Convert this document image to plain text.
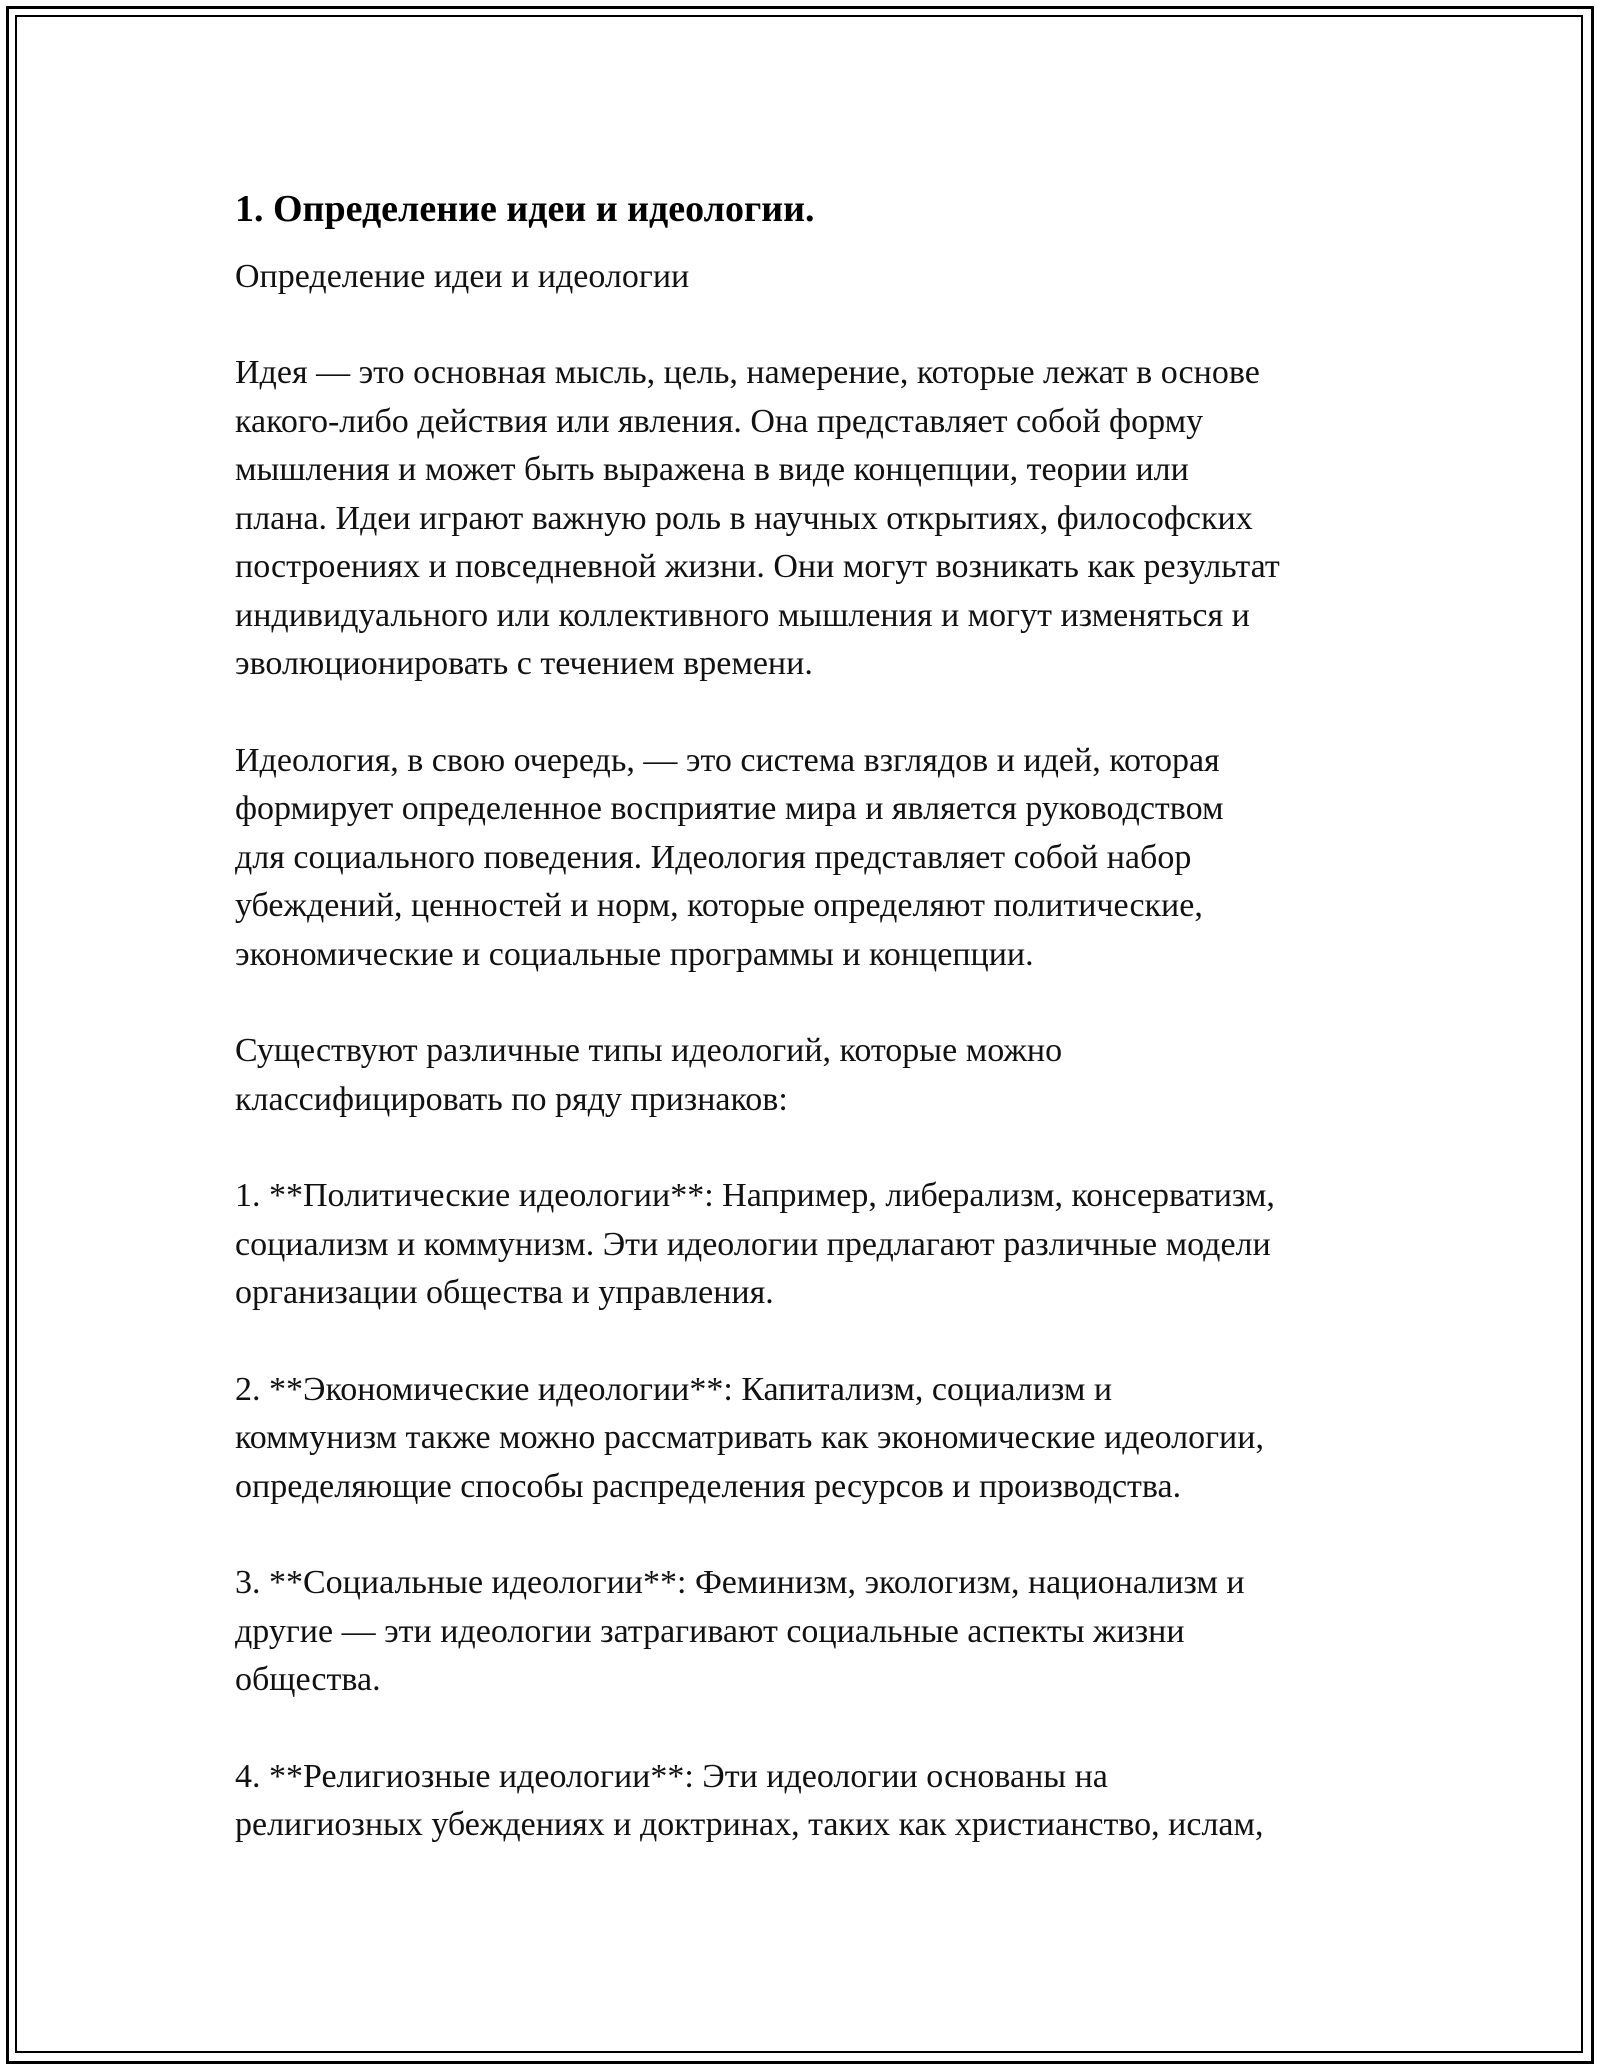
1. Определение идеи и идеологии.
Определение идеи и идеологии
Идея — это основная мысль, цель, намерение, которые лежат в основе
какого-либо действия или явления. Она представляет собой форму
мышления и может быть выражена в виде концепции, теории или
плана. Идеи играют важную роль в научных открытиях, философских
построениях и повседневной жизни. Они могут возникать как результат
индивидуального или коллективного мышления и могут изменяться и
эволюционировать с течением времени.
Идеология, в свою очередь, — это система взглядов и идей, которая
формирует определенное восприятие мира и является руководством
для социального поведения. Идеология представляет собой набор
убеждений, ценностей и норм, которые определяют политические,
экономические и социальные программы и концепции.
Существуют различные типы идеологий, которые можно
классифицировать по ряду признаков:
1. **Политические идеологии**: Например, либерализм, консерватизм,
социализм и коммунизм. Эти идеологии предлагают различные модели
организации общества и управления.
2. **Экономические идеологии**: Капитализм, социализм и
коммунизм также можно рассматривать как экономические идеологии,
определяющие способы распределения ресурсов и производства.
3. **Социальные идеологии**: Феминизм, экологизм, национализм и
другие — эти идеологии затрагивают социальные аспекты жизни
общества.
4. **Религиозные идеологии**: Эти идеологии основаны на
религиозных убеждениях и доктринах, таких как христианство, ислам,
